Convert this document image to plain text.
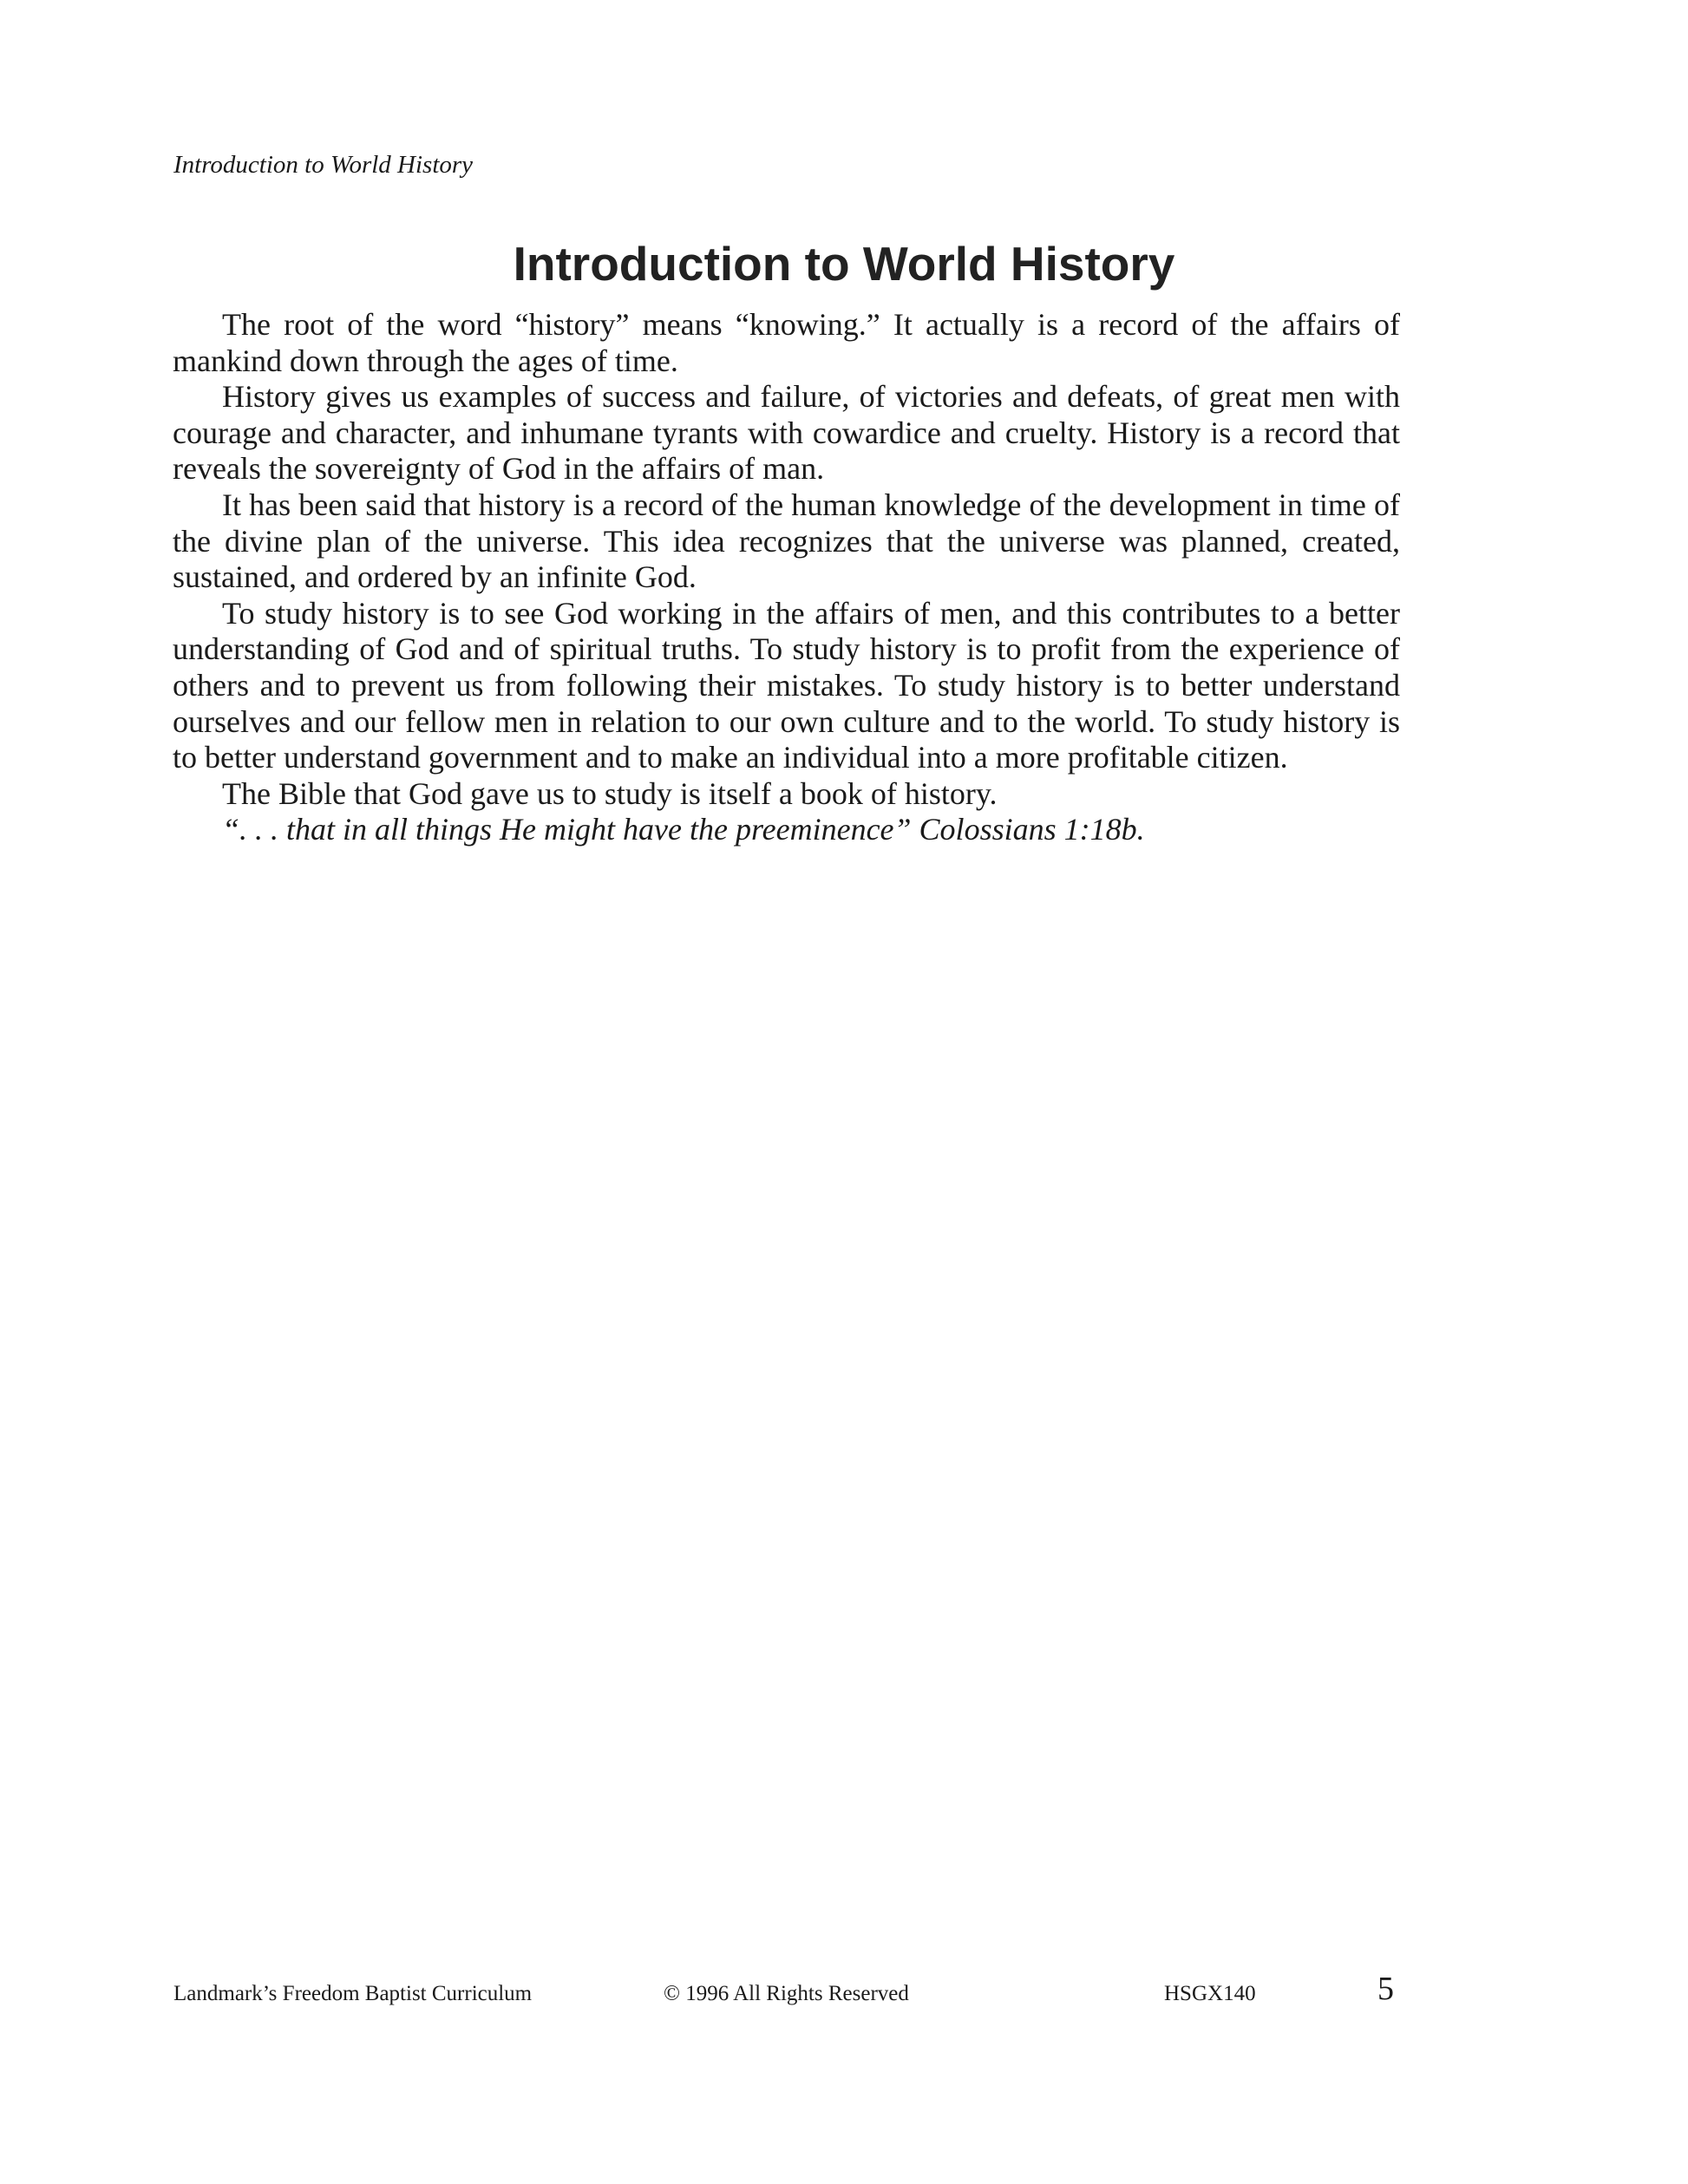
Introduction to World History
Introduction to World History

The root of the word “history” means “knowing.” It actually is a record of the affairs of mankind down through the ages of time.

History gives us examples of success and failure, of victories and defeats, of great men with courage and character, and inhumane tyrants with cowardice and cruelty. History is a record that reveals the sovereignty of God in the affairs of man.

It has been said that history is a record of the human knowledge of the development in time of the divine plan of the universe. This idea recognizes that the universe was planned, created, sustained, and ordered by an infinite God.

To study history is to see God working in the affairs of men, and this contributes to a better understanding of God and of spiritual truths. To study history is to profit from the experience of others and to prevent us from following their mistakes. To study history is to better understand ourselves and our fellow men in relation to our own culture and to the world. To study history is to better understand government and to make an individual into a more profitable citizen.

The Bible that God gave us to study is itself a book of history.

“. . . that in all things He might have the preeminence” Colossians 1:18b.

Landmark’s Freedom Baptist Curriculum	© 1996 All Rights Reserved	HSGX140	5
